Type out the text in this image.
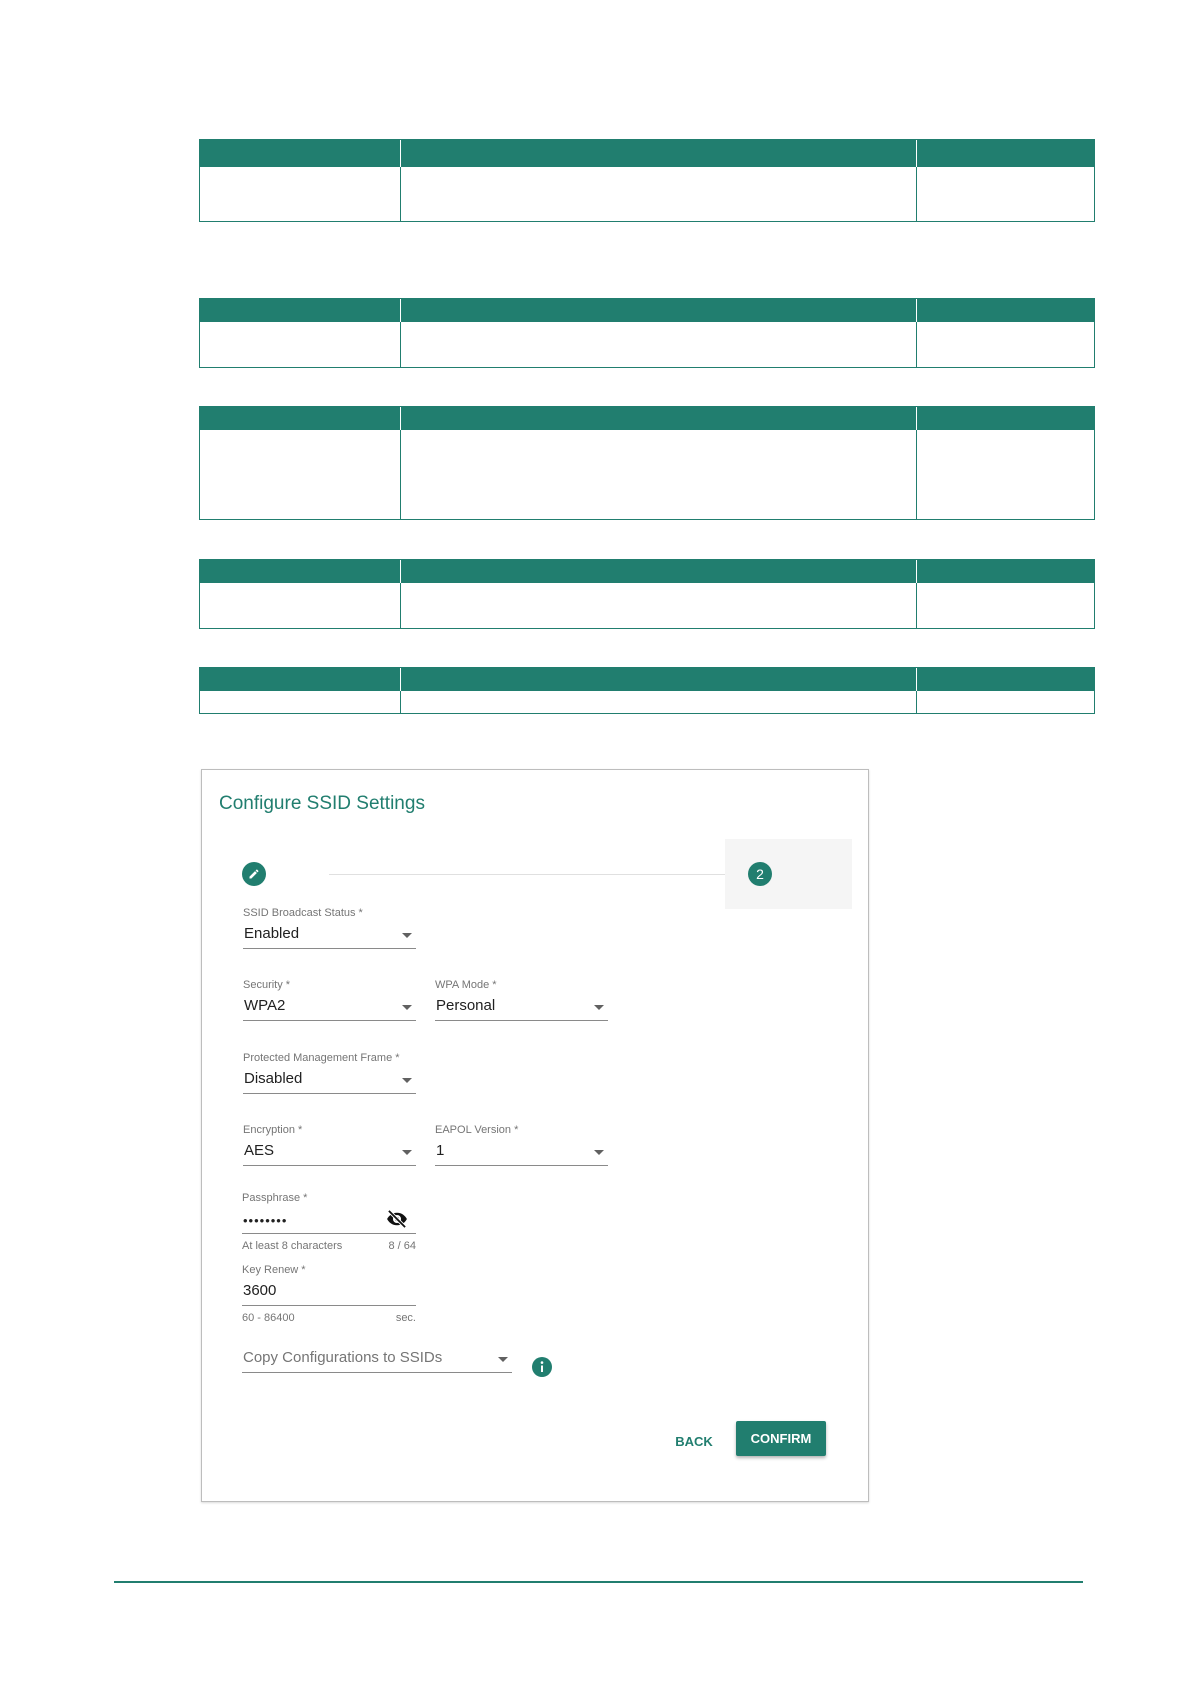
Configure SSID Settings
2
SSID Broadcast Status *
Enabled
Security *
WPA2
WPA Mode *
Personal
Protected Management Frame *
Disabled
Encryption *
AES
EAPOL Version *
1
Passphrase *
••••••••
At least 8 characters	8 / 64
Key Renew *
3600
60 - 86400	sec.
Copy Configurations to SSIDs
BACK	CONFIRM
